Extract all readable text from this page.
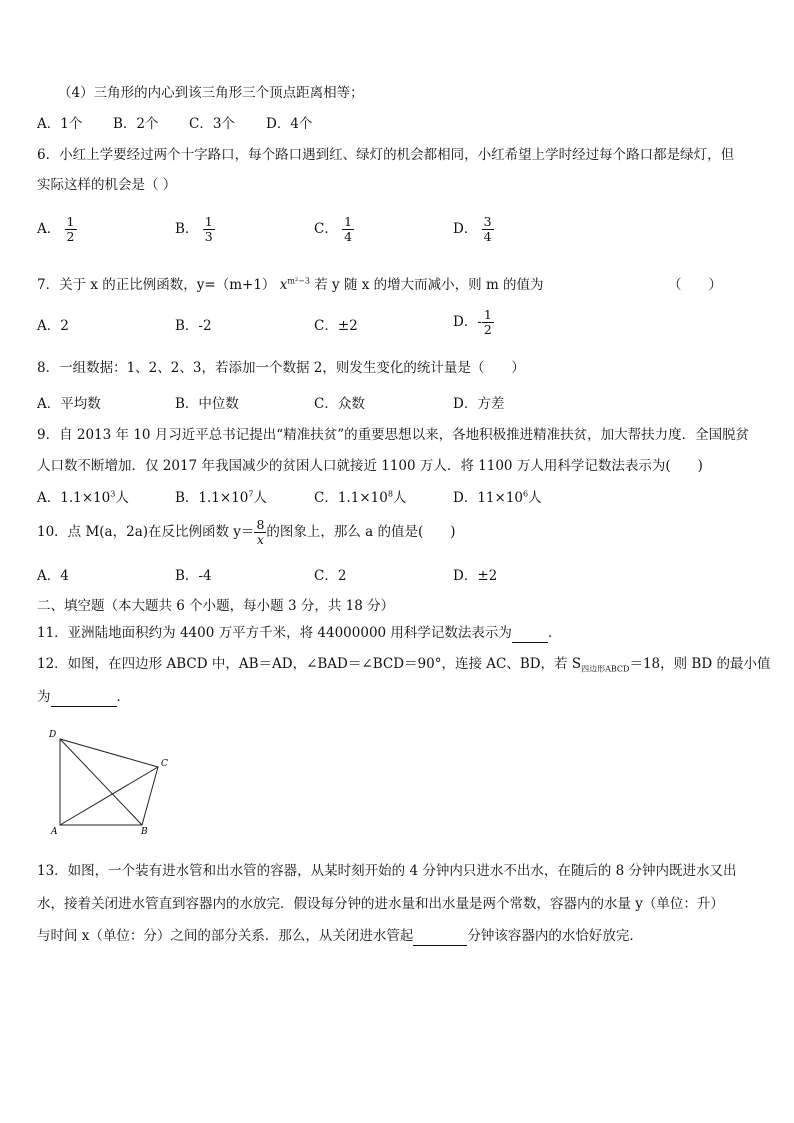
（4）三角形的内心到该三角形三个顶点距离相等；
A．1个 B．2个 C．3个 D．4个
6．小红上学要经过两个十字路口，每个路口遇到红、绿灯的机会都相同，小红希望上学时经过每个路口都是绿灯，但
实际这样的机会是（ ）
A． $\frac{1}{2}$	B． $\frac{1}{3}$	C． $\frac{1}{4}$	D． $\frac{3}{4}$
7．关于 x 的正比例函数，y=（m+1） $x^{m^2-3}$ 若 y 随 x 的增大而减小，则 m 的值为	（　　）
A．2	B．-2	C．±2	D．- $\frac{1}{2}$
8．一组数据：1、2、2、3，若添加一个数据 2，则发生变化的统计量是（　　）
A．平均数	B．中位数	C．众数	D．方差
9．自 2013 年 10 月习近平总书记提出“精准扶贫”的重要思想以来，各地积极推进精准扶贫，加大帮扶力度．全国脱贫
人口数不断增加．仅 2017 年我国减少的贫困人口就接近 1100 万人．将 1100 万人用科学记数法表示为(　　)
A．$1.1\times 10^3$人	B．$1.1\times 10^7$人	C．$1.1\times 10^8$人	D．$11\times 10^6$人
10．点 M(a，2a)在反比例函数 $y= \frac{8}{x}$ 的图象上，那么 a 的值是(　　)
A．4	B．-4	C．2	D．±2
二、填空题（本大题共 6 个小题，每小题 3 分，共 18 分）
11．亚洲陆地面积约为 4400 万平方千米，将 44000000 用科学记数法表示为	．
12．如图，在四边形 ABCD 中，AB＝AD，∠BAD＝∠BCD＝90°，连接 AC、BD，若 $S_{四边形ABCD}=18$，则 BD 的最小值
为	．
D
C
A	B
13．如图，一个装有进水管和出水管的容器，从某时刻开始的 4 分钟内只进水不出水，在随后的 8 分钟内既进水又出
水，接着关闭进水管直到容器内的水放完．假设每分钟的进水量和出水量是两个常数，容器内的水量 y（单位：升）
与时间 x（单位：分）之间的部分关系．那么，从关闭进水管起	分钟该容器内的水恰好放完．
